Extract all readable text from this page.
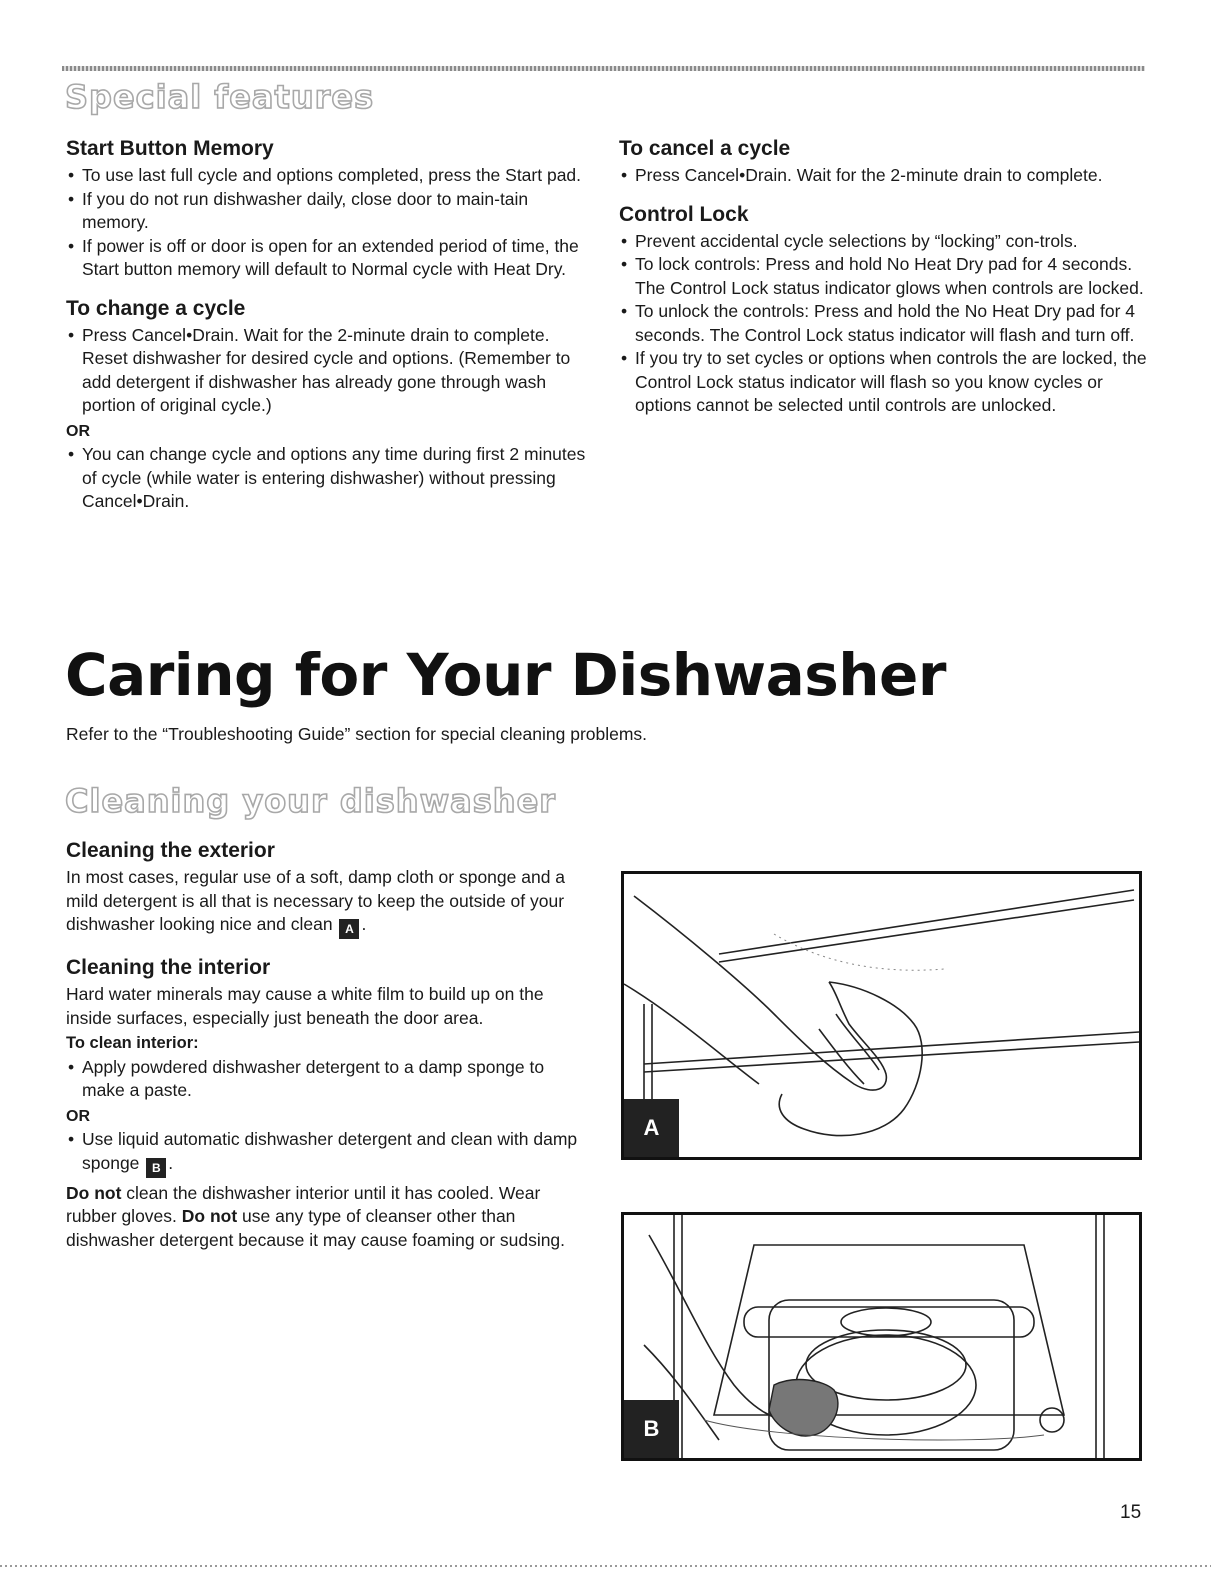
Special features
Start Button Memory
• To use last full cycle and options completed, press the Start pad.
• If you do not run dishwasher daily, close door to main-tain memory.
• If power is off or door is open for an extended period of time, the Start button memory will default to Normal cycle with Heat Dry.
To change a cycle
• Press Cancel•Drain. Wait for the 2-minute drain to complete. Reset dishwasher for desired cycle and options. (Remember to add detergent if dishwasher has already gone through wash portion of original cycle.)

OR

• You can change cycle and options any time during first 2 minutes of cycle (while water is entering dishwasher) without pressing Cancel•Drain.
To cancel a cycle
• Press Cancel•Drain. Wait for the 2-minute drain to complete.
Control Lock
• Prevent accidental cycle selections by “locking” con-trols.
• To lock controls: Press and hold No Heat Dry pad for 4 seconds. The Control Lock status indicator glows when controls are locked.
• To unlock the controls: Press and hold the No Heat Dry pad for 4 seconds. The Control Lock status indicator will flash and turn off.
• If you try to set cycles or options when controls the are locked, the Control Lock status indicator will flash so you know cycles or options cannot be selected until controls are unlocked.
Caring for Your Dishwasher

Refer to the “Troubleshooting Guide” section for special cleaning problems.

Cleaning your dishwasher
Cleaning the exterior

In most cases, regular use of a soft, damp cloth or sponge and a mild detergent is all that is necessary to keep the outside of your dishwasher looking nice and clean A .

Cleaning the interior

Hard water minerals may cause a white film to build up on the inside surfaces, especially just beneath the door area.

To clean interior:

• Apply powdered dishwasher detergent to a damp sponge to make a paste.

OR

• Use liquid automatic dishwasher detergent and clean with damp sponge B .

Do not clean the dishwasher interior until it has cooled. Wear rubber gloves. Do not use any type of cleanser other than dishwasher detergent because it may cause foaming or sudsing.

A
B
15
